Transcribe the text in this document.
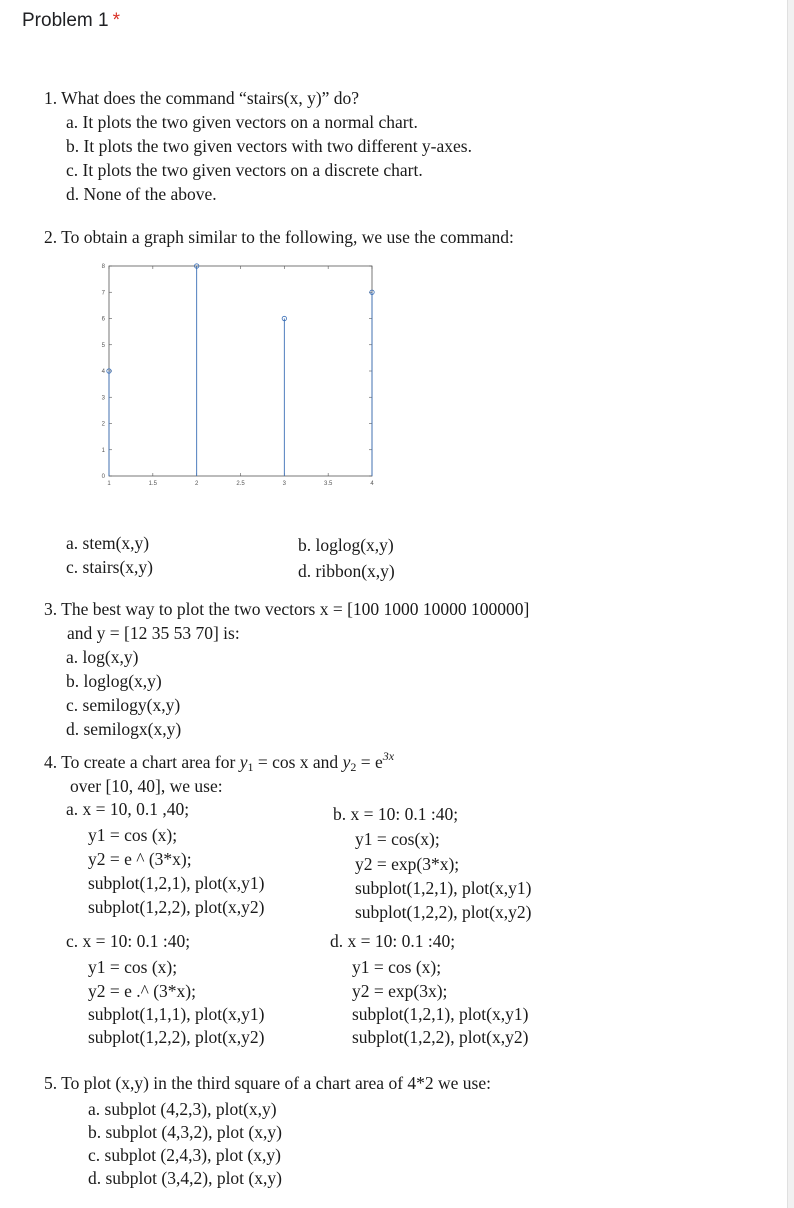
Problem 1 *
1. What does the command “stairs(x, y)” do?
a. It plots the two given vectors on a normal chart.
b. It plots the two given vectors with two different y-axes.
c. It plots the two given vectors on a discrete chart.
d. None of the above.
2. To obtain a graph similar to the following, we use the command:
0
1
2
3
4
5
6
7
8
1	1.5	2	2.5	3	3.5	4
a. stem(x,y)	b. loglog(x,y)
c. stairs(x,y)	d. ribbon(x,y)
3. The best way to plot the two vectors x = [100 1000 10000 100000]
and y = [12 35 53 70] is:
a. log(x,y)
b. loglog(x,y)
c. semilogy(x,y)
d. semilogx(x,y)
4. To create a chart area for $y_1 = \cos x$ and $y_2 = e^{3x}$
over [10, 40], we use:
a. x = 10, 0.1 ,40;
y1 = cos (x);
y2 = e ^ (3*x);
subplot(1,2,1), plot(x,y1)
subplot(1,2,2), plot(x,y2)
b. x = 10: 0.1 :40;
y1 = cos(x);
y2 = exp(3*x);
subplot(1,2,1), plot(x,y1)
subplot(1,2,2), plot(x,y2)
c. x = 10: 0.1 :40;
y1 = cos (x);
y2 = e .^ (3*x);
subplot(1,1,1), plot(x,y1)
subplot(1,2,2), plot(x,y2)
d. x = 10: 0.1 :40;
y1 = cos (x);
y2 = exp(3x);
subplot(1,2,1), plot(x,y1)
subplot(1,2,2), plot(x,y2)
5. To plot (x,y) in the third square of a chart area of 4*2 we use:
a. subplot (4,2,3), plot(x,y)
b. subplot (4,3,2), plot (x,y)
c. subplot (2,4,3), plot (x,y)
d. subplot (3,4,2), plot (x,y)
